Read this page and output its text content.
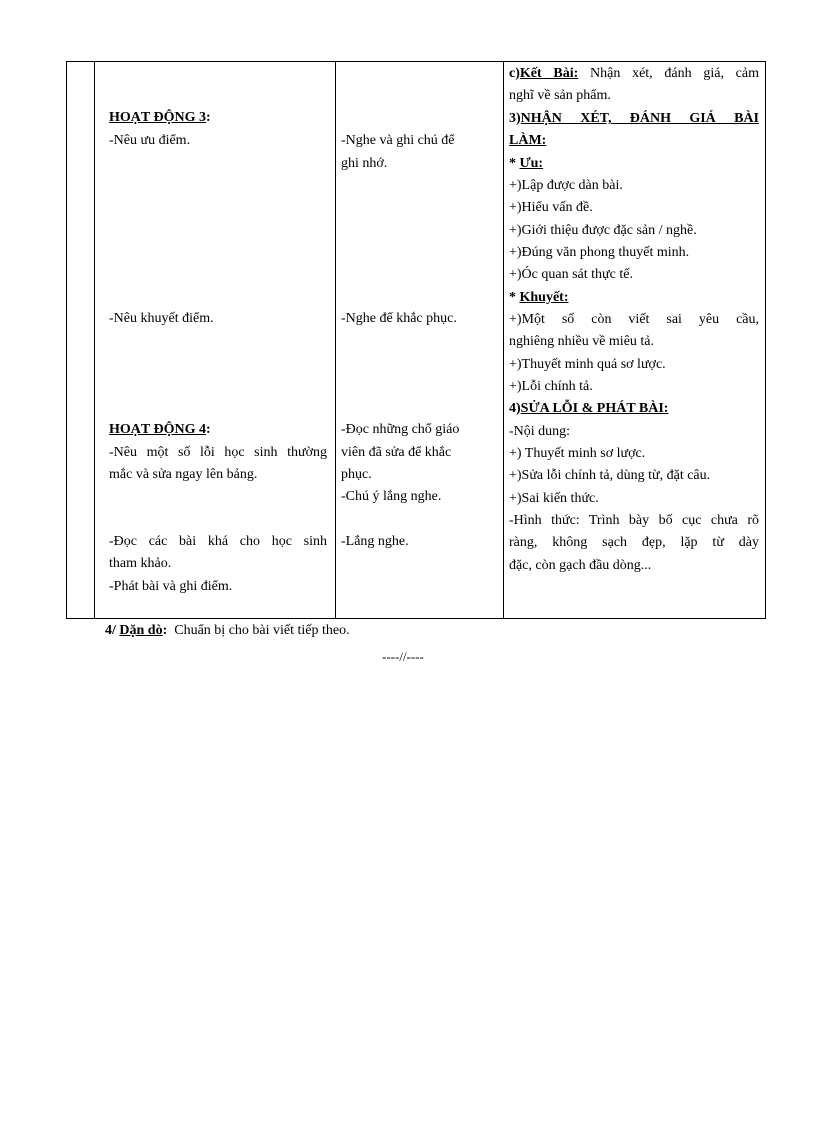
HOẠT ĐỘNG 3:
-Nêu ưu điểm.
-Nêu khuyết điểm.
HOẠT ĐỘNG 4:
-Nêu một số lỗi học sinh thường
mắc và sửa ngay lên bảng.
-Đọc các bài khá cho học sinh
tham khảo.
-Phát bài và ghi điểm.
-Nghe và ghi chú để
ghi nhớ.
-Nghe để khắc phục.
-Đọc những chổ giáo
viên đã sửa để khắc
phục.
-Chú ý lắng nghe.
-Lắng nghe.
c)Kết Bài: Nhận xét, đánh giá, cảm
nghĩ về sản phẩm.
3)NHẬN XÉT, ĐÁNH GIÁ BÀI
LÀM:
* Ưu:
+)Lập được dàn bài.
+)Hiểu vấn đề.
+)Giới thiệu được đặc sản / nghề.
+)Đúng văn phong thuyết minh.
+)Óc quan sát thực tế.
* Khuyết:
+)Một số còn viết sai yêu cầu,
nghiêng nhiều về miêu tả.
+)Thuyết minh quá sơ lược.
+)Lỗi chính tả.
4)SỬA LỖI & PHÁT BÀI:
-Nội dung:
+) Thuyết minh sơ lược.
+)Sửa lỗi chính tả, dùng từ, đặt câu.
+)Sai kiến thức.
-Hình thức: Trình bày bố cục chưa rõ
ràng, không sạch đẹp, lặp từ dày
đặc, còn gạch đầu dòng...
4/ Dặn dò:  Chuẩn bị cho bài viết tiếp theo.
----//----
